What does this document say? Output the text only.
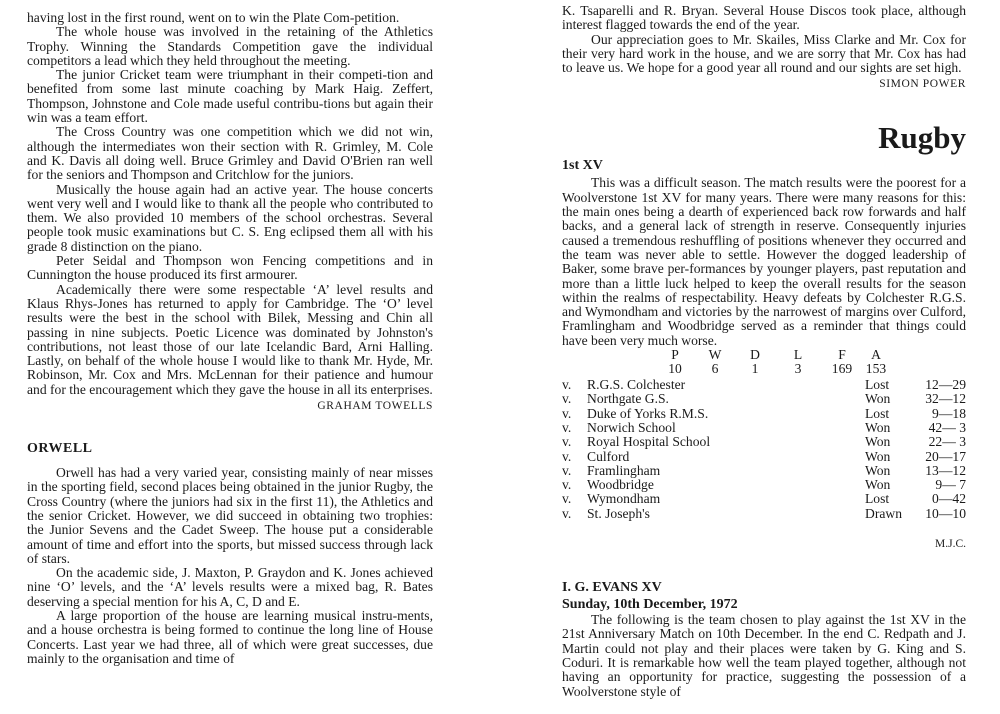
having lost in the first round, went on to win the Plate Com-petition.

The whole house was involved in the retaining of the Athletics Trophy. Winning the Standards Competition gave the individual competitors a lead which they held throughout the meeting.

The junior Cricket team were triumphant in their competi-tion and benefited from some last minute coaching by Mark Haig. Zeffert, Thompson, Johnstone and Cole made useful contribu-tions but again their win was a team effort.

The Cross Country was one competition which we did not win, although the intermediates won their section with R. Grimley, M. Cole and K. Davis all doing well. Bruce Grimley and David O'Brien ran well for the seniors and Thompson and Critchlow for the juniors.

Musically the house again had an active year. The house concerts went very well and I would like to thank all the people who contributed to them. We also provided 10 members of the school orchestras. Several people took music examinations but C. S. Eng eclipsed them all with his grade 8 distinction on the piano.

Peter Seidal and Thompson won Fencing competitions and in Cunnington the house produced its first armourer.

Academically there were some respectable ‘A’ level results and Klaus Rhys-Jones has returned to apply for Cambridge. The ‘O’ level results were the best in the school with Bilek, Messing and Chin all passing in nine subjects. Poetic Licence was dominated by Johnston's contributions, not least those of our late Icelandic Bard, Arni Halling. Lastly, on behalf of the whole house I would like to thank Mr. Hyde, Mr. Robinson, Mr. Cox and Mrs. McLennan for their patience and humour and for the encouragement which they gave the house in all its enterprises.

GRAHAM TOWELLS
ORWELL

Orwell has had a very varied year, consisting mainly of near misses in the sporting field, second places being obtained in the junior Rugby, the Cross Country (where the juniors had six in the first 11), the Athletics and the senior Cricket. However, we did succeed in obtaining two trophies: the Junior Sevens and the Cadet Sweep. The house put a considerable amount of time and effort into the sports, but missed success through lack of stars.

On the academic side, J. Maxton, P. Graydon and K. Jones achieved nine ‘O’ levels, and the ‘A’ levels results were a mixed bag, R. Bates deserving a special mention for his A, C, D and E.

A large proportion of the house are learning musical instru-ments, and a house orchestra is being formed to continue the long line of House Concerts. Last year we had three, all of which were great successes, due mainly to the organisation and time of

K. Tsaparelli and R. Bryan. Several House Discos took place, although interest flagged towards the end of the year.

Our appreciation goes to Mr. Skailes, Miss Clarke and Mr. Cox for their very hard work in the house, and we are sorry that Mr. Cox has had to leave us. We hope for a good year all round and our sights are set high.

SIMON POWER
Rugby
1st XV

This was a difficult season. The match results were the poorest for a Woolverstone 1st XV for many years. There were many reasons for this: the main ones being a dearth of experienced back row forwards and half backs, and a general lack of strength in reserve. Consequently injuries caused a tremendous reshuffling of positions whenever they occurred and the team was never able to settle. However the dogged leadership of Baker, some brave per-formances by younger players, past reputation and more than a little luck helped to keep the overall results for the season within the realms of respectability. Heavy defeats by Colchester R.G.S. and Wymondham and victories by the narrowest of margins over Culford, Framlingham and Woodbridge served as a reminder that things could have been very much worse.

P	W	D	L	F	A
10	6	1	3	169	153
v. R.G.S. Colchester	Lost	12—29
v. Northgate G.S.	Won	32—12
v. Duke of Yorks R.M.S.	Lost	9—18
v. Norwich School	Won	42— 3
v. Royal Hospital School	Won	22— 3
v. Culford	Won	20—17
v. Framlingham	Won	13—12
v. Woodbridge	Won	9— 7
v. Wymondham	Lost	0—42
v. St. Joseph's	Drawn 10—10
M.J.C.
I. G. EVANS XV
Sunday, 10th December, 1972

The following is the team chosen to play against the 1st XV in the 21st Anniversary Match on 10th December. In the end C. Redpath and J. Martin could not play and their places were taken by G. King and S. Coduri. It is remarkable how well the team played together, although not having an opportunity for practice, suggesting the possession of a Woolverstone style of
